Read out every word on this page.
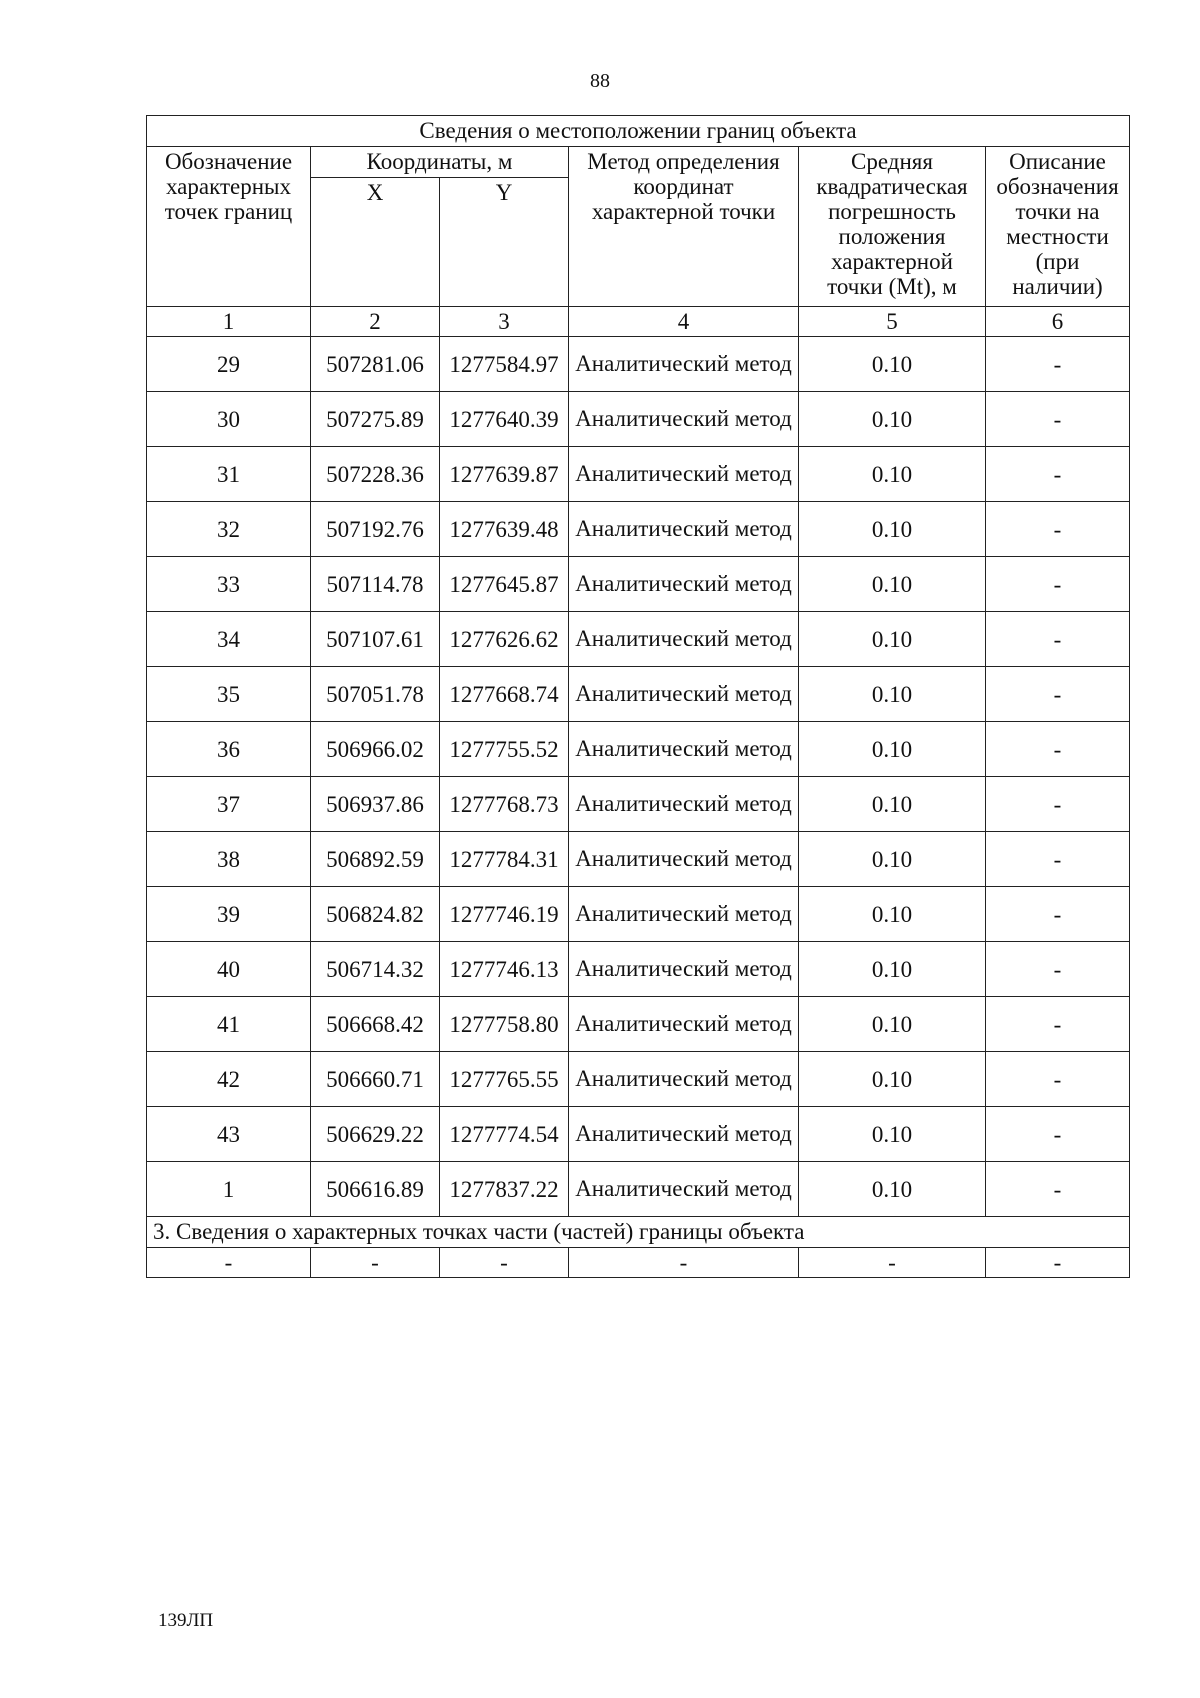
88
Сведения о местоположении границ объекта					
Обозначение характерных точек границ	Координаты, м		Метод определения координат характерной точки	Средняя квадратическая погрешность положения характерной точки (Mt), м	Описание обозначения точки на местности (при наличии)
	X	Y			
1	2	3	4	5	6
29	507281.06	1277584.97	Аналитический метод	0.10	-
30	507275.89	1277640.39	Аналитический метод	0.10	-
31	507228.36	1277639.87	Аналитический метод	0.10	-
32	507192.76	1277639.48	Аналитический метод	0.10	-
33	507114.78	1277645.87	Аналитический метод	0.10	-
34	507107.61	1277626.62	Аналитический метод	0.10	-
35	507051.78	1277668.74	Аналитический метод	0.10	-
36	506966.02	1277755.52	Аналитический метод	0.10	-
37	506937.86	1277768.73	Аналитический метод	0.10	-
38	506892.59	1277784.31	Аналитический метод	0.10	-
39	506824.82	1277746.19	Аналитический метод	0.10	-
40	506714.32	1277746.13	Аналитический метод	0.10	-
41	506668.42	1277758.80	Аналитический метод	0.10	-
42	506660.71	1277765.55	Аналитический метод	0.10	-
43	506629.22	1277774.54	Аналитический метод	0.10	-
1	506616.89	1277837.22	Аналитический метод	0.10	-
3. Сведения о характерных точках части (частей) границы объекта					
-	-	-	-	-	-
139ЛП
